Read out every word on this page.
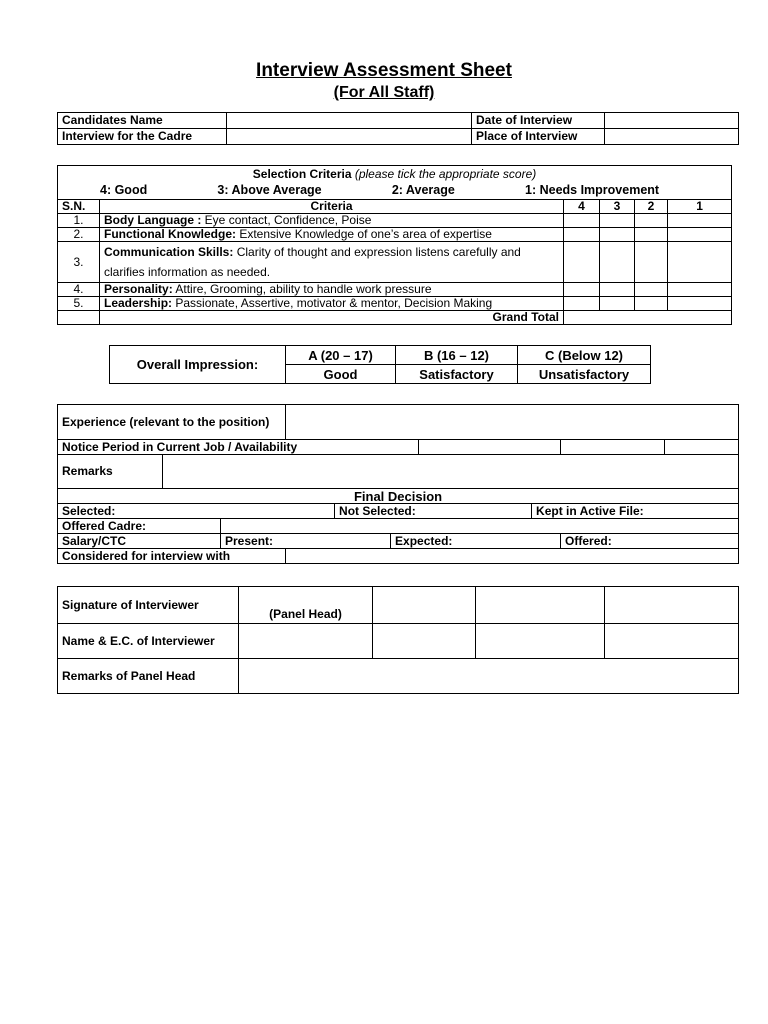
Interview Assessment Sheet
(For All Staff)
Candidates Name		Date of Interview	
Interview for the Cadre		Place of Interview	
Selection Criteria (please tick the appropriate score)					

4: Good 3: Above Average 2: Average 1: Needs Improvement					

S.N.	Criteria	4	3	2	1
1.	Body Language : Eye contact, Confidence, Poise				
2.	Functional Knowledge: Extensive Knowledge of one’s area of expertise				
3.	Communication Skills: Clarity of thought and expression listens carefully and clarifies information as needed.				
4.	Personality: Attire, Grooming, ability to handle work pressure				
5.	Leadership: Passionate, Assertive, motivator & mentor, Decision Making				
	Grand Total				
Overall Impression:	A (20 – 17)	B (16 – 12)	C (Below 12)
	Good	Satisfactory	Unsatisfactory
Experience (relevant to the position)									
Notice Period in Current Job / Availability									
Remarks									
Final Decision									
Selected:				Not Selected:			Kept in Active File:		
Offered Cadre:									
Salary/CTC		Present:			Expected:			Offered:	
Considered for interview with									
Signature of Interviewer	(Panel Head)			
Name & E.C. of Interviewer				
Remarks of Panel Head				
